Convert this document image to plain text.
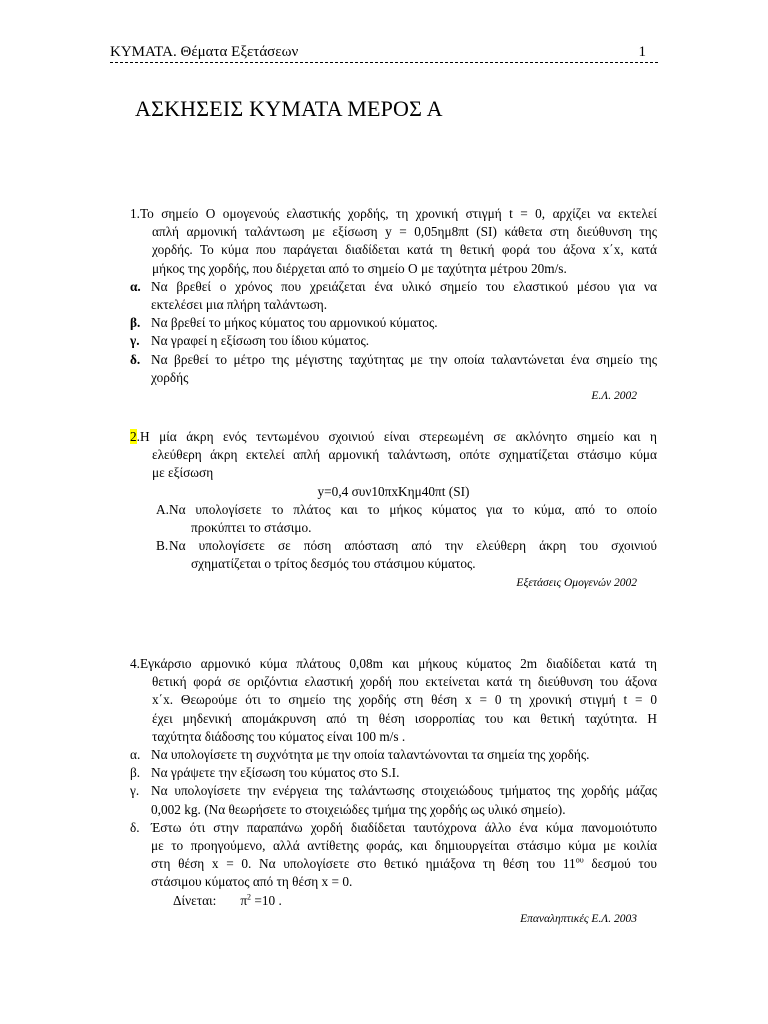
ΚΥΜΑΤΑ. Θέματα Εξετάσεων	1
ΑΣΚΗΣΕΙΣ ΚΥΜΑΤΑ ΜΕΡΟΣ Α
1.Το σημείο Ο ομογενούς ελαστικής χορδής, τη χρονική στιγμή t = 0, αρχίζει να εκτελεί
απλή αρμονική ταλάντωση με εξίσωση y = 0,05ημ8πt (SI) κάθετα στη διεύθυνση της
χορδής. Το κύμα που παράγεται διαδίδεται κατά τη θετική φορά του άξονα x΄x, κατά
μήκος της χορδής, που διέρχεται από το σημείο Ο με ταχύτητα μέτρου 20m/s.
α. Να βρεθεί ο χρόνος που χρειάζεται ένα υλικό σημείο του ελαστικού μέσου για να
εκτελέσει μια πλήρη ταλάντωση.
β. Να βρεθεί το μήκος κύματος του αρμονικού κύματος.
γ. Να γραφεί η εξίσωση του ίδιου κύματος.
δ. Να βρεθεί το μέτρο της μέγιστης ταχύτητας με την οποία ταλαντώνεται ένα σημείο της
χορδής
Ε.Λ. 2002
2.Η μία άκρη ενός τεντωμένου σχοινιού είναι στερεωμένη σε ακλόνητο σημείο και η
ελεύθερη άκρη εκτελεί απλή αρμονική ταλάντωση, οπότε σχηματίζεται στάσιμο κύμα
με εξίσωση
y=0,4 συν10πxΚημ40πt (SI)
Α. Να υπολογίσετε το πλάτος και το μήκος κύματος για το κύμα, από το οποίο
προκύπτει το στάσιμο.
Β. Να υπολογίσετε σε πόση απόσταση από την ελεύθερη άκρη του σχοινιού
σχηματίζεται ο τρίτος δεσμός του στάσιμου κύματος.
Εξετάσεις Ομογενών 2002
4.Εγκάρσιο αρμονικό κύμα πλάτους 0,08m και μήκους κύματος 2m διαδίδεται κατά τη
θετική φορά σε οριζόντια ελαστική χορδή που εκτείνεται κατά τη διεύθυνση του άξονα
x΄x. Θεωρούμε ότι το σημείο της χορδής στη θέση x = 0 τη χρονική στιγμή t = 0
έχει μηδενική απομάκρυνση από τη θέση ισορροπίας του και θετική ταχύτητα. Η
ταχύτητα διάδοσης του κύματος είναι 100 m/s .
α. Να υπολογίσετε τη συχνότητα με την οποία ταλαντώνονται τα σημεία της χορδής.
β. Να γράψετε την εξίσωση του κύματος στο S.I.
γ. Να υπολογίσετε την ενέργεια της ταλάντωσης στοιχειώδους τμήματος της χορδής μάζας
0,002 kg. (Να θεωρήσετε το στοιχειώδες τμήμα της χορδής ως υλικό σημείο).
δ. Έστω ότι στην παραπάνω χορδή διαδίδεται ταυτόχρονα άλλο ένα κύμα πανομοιότυπο
με το προηγούμενο, αλλά αντίθετης φοράς, και δημιουργείται στάσιμο κύμα με κοιλία
στη θέση x = 0. Να υπολογίσετε στο θετικό ημιάξονα τη θέση του $11^{o\upsilon}$ δεσμού του
στάσιμου κύματος από τη θέση x = 0.
Δίνεται: $\pi^2 =10$ .
Επαναληπτικές Ε.Λ. 2003
